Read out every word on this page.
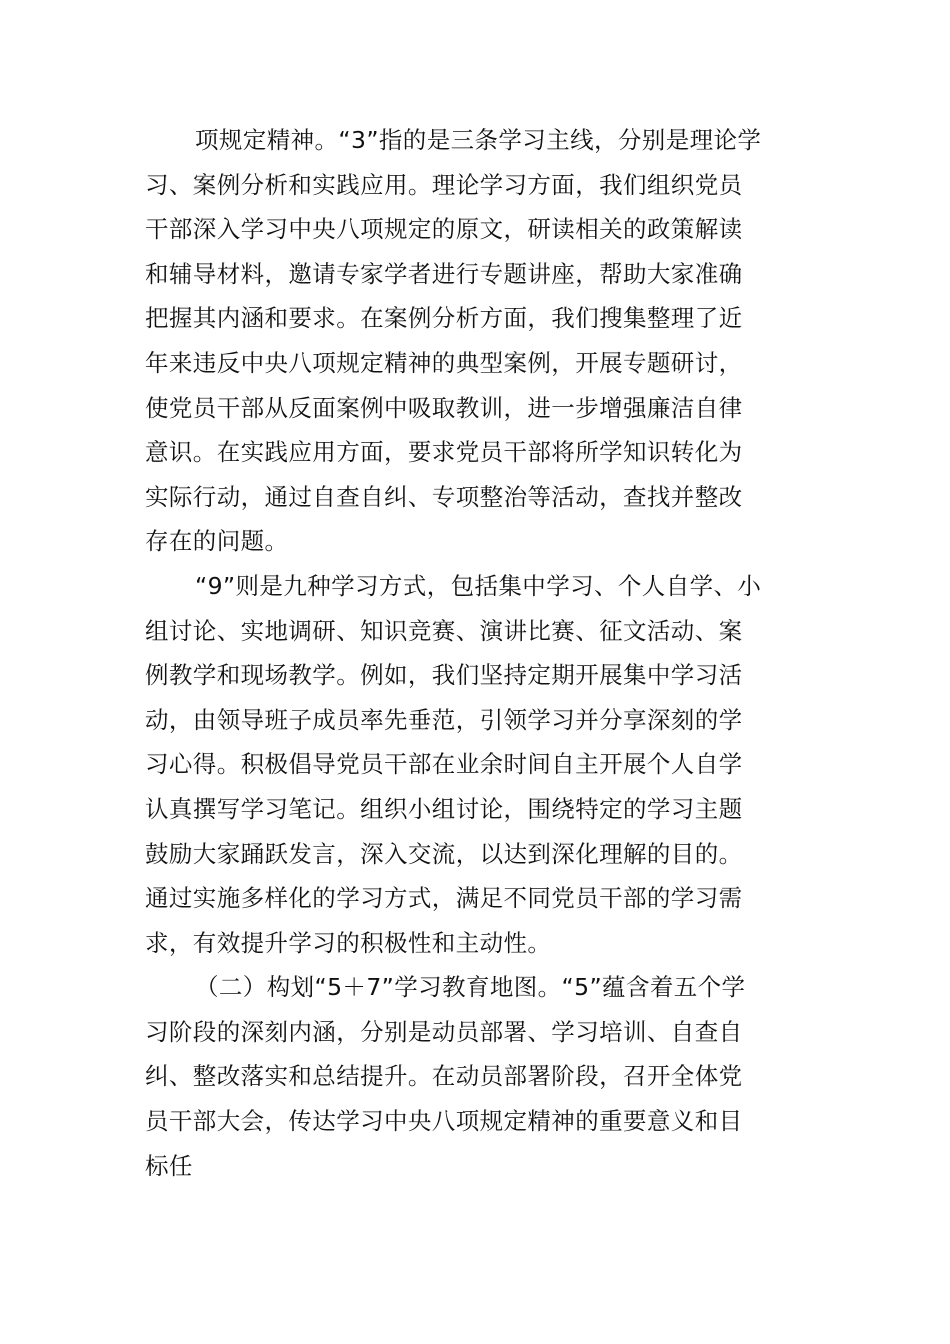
项规定精神。“3”指的是三条学习主线，分别是理论学
习、案例分析和实践应用。理论学习方面，我们组织党员
干部深入学习中央八项规定的原文，研读相关的政策解读
和辅导材料，邀请专家学者进行专题讲座，帮助大家准确
把握其内涵和要求。在案例分析方面，我们搜集整理了近
年来违反中央八项规定精神的典型案例，开展专题研讨，
使党员干部从反面案例中吸取教训，进一步增强廉洁自律
意识。在实践应用方面，要求党员干部将所学知识转化为
实际行动，通过自查自纠、专项整治等活动，查找并整改
存在的问题。
“9”则是九种学习方式，包括集中学习、个人自学、小
组讨论、实地调研、知识竞赛、演讲比赛、征文活动、案
例教学和现场教学。例如，我们坚持定期开展集中学习活
动，由领导班子成员率先垂范，引领学习并分享深刻的学
习心得。积极倡导党员干部在业余时间自主开展个人自学
认真撰写学习笔记。组织小组讨论，围绕特定的学习主题
鼓励大家踊跃发言，深入交流，以达到深化理解的目的。
通过实施多样化的学习方式，满足不同党员干部的学习需
求，有效提升学习的积极性和主动性。
（二）构划“5＋7”学习教育地图。“5”蕴含着五个学
习阶段的深刻内涵，分别是动员部署、学习培训、自查自
纠、整改落实和总结提升。在动员部署阶段，召开全体党
员干部大会，传达学习中央八项规定精神的重要意义和目
标任
